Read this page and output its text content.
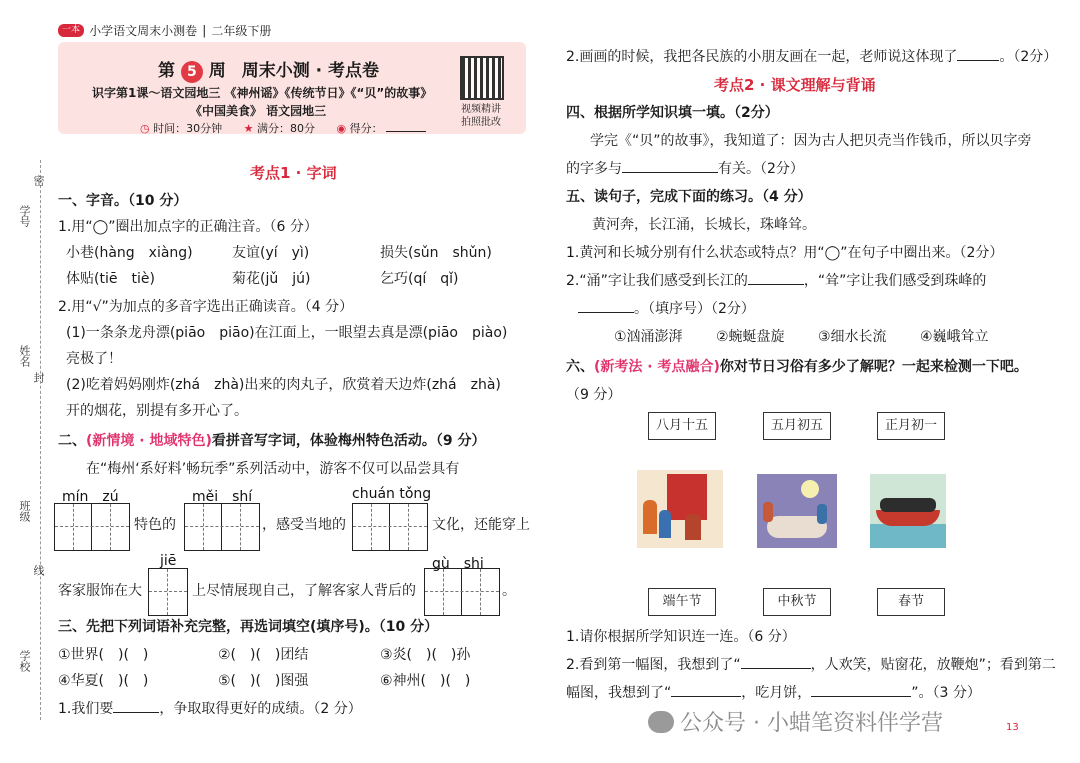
一本 小学语文周末小测卷 | 二年级下册
第 5 周 周末小测 · 考点卷
识字第1课～语文园地三 《神州谣》《传统节日》《“贝”的故事》
《中国美食》 语文园地三
◷ 时间：30分钟 ★ 满分：80分 ◉ 得分：
视频精讲
拍照批改
学号
姓名
班级
学校
密
封
线
考点1 · 字词
一、字音。（10 分）
1.用“◯”圈出加点字的正确注音。（6 分）
小巷(hàng　xiàng)	友谊(yí　yì)	损失(sǔn　shǔn)
体贴(tiē　tiè)	菊花(jǔ　jú)	乞巧(qí　qǐ)
2.用“√”为加点的多音字选出正确读音。（4 分）
(1)一条条龙舟漂(piāo　piāo)在江面上，一眼望去真是漂(piāo　piào)
亮极了！
(2)吃着妈妈刚炸(zhá　zhà)出来的肉丸子，欣赏着天边炸(zhá　zhà)
开的烟花，别提有多开心了。
二、(新情境 · 地域特色)看拼音写字词，体验梅州特色活动。（9 分）
在“梅州‘系好料’畅玩季”系列活动中，游客不仅可以品尝具有
mín　zú	měi　shí	chuán tǒng
特色的	，感受当地的	文化，还能穿上
jiē	gù　shi
客家服饰在大	上尽情展现自己，了解客家人背后的	。
三、先把下列词语补充完整，再选词填空(填序号)。（10 分）
①世界(　)(　)	②(　)(　)团结	③炎(　)(　)孙
④华夏(　)(　)	⑤(　)(　)图强	⑥神州(　)(　)
1.我们要	，争取取得更好的成绩。（2 分）
2.画画的时候，我把各民族的小朋友画在一起，老师说这体现了	。（2分）
考点2 · 课文理解与背诵
四、根据所学知识填一填。（2分）
学完《“贝”的故事》，我知道了：因为古人把贝壳当作钱币，所以贝字旁
的字多与	有关。（2分）
五、读句子，完成下面的练习。（4 分）
黄河奔，长江涌，长城长，珠峰耸。
1.黄河和长城分别有什么状态或特点？用“◯”在句子中圈出来。（2分）
2.“涌”字让我们感受到长江的	，“耸”字让我们感受到珠峰的
。（填序号）（2分）
①汹涌澎湃 ②蜿蜒盘旋 ③细水长流 ④巍峨耸立
六、(新考法 · 考点融合)你对节日习俗有多少了解呢？一起来检测一下吧。
（9 分）
八月十五	五月初五	正月初一
端午节	中秋节	春节
1.请你根据所学知识连一连。（6 分）
2.看到第一幅图，我想到了“	，人欢笑，贴窗花，放鞭炮”；看到第二
幅图，我想到了“	，吃月饼，	”。（3 分）
公众号 · 小蜡笔资料伴学营	13
